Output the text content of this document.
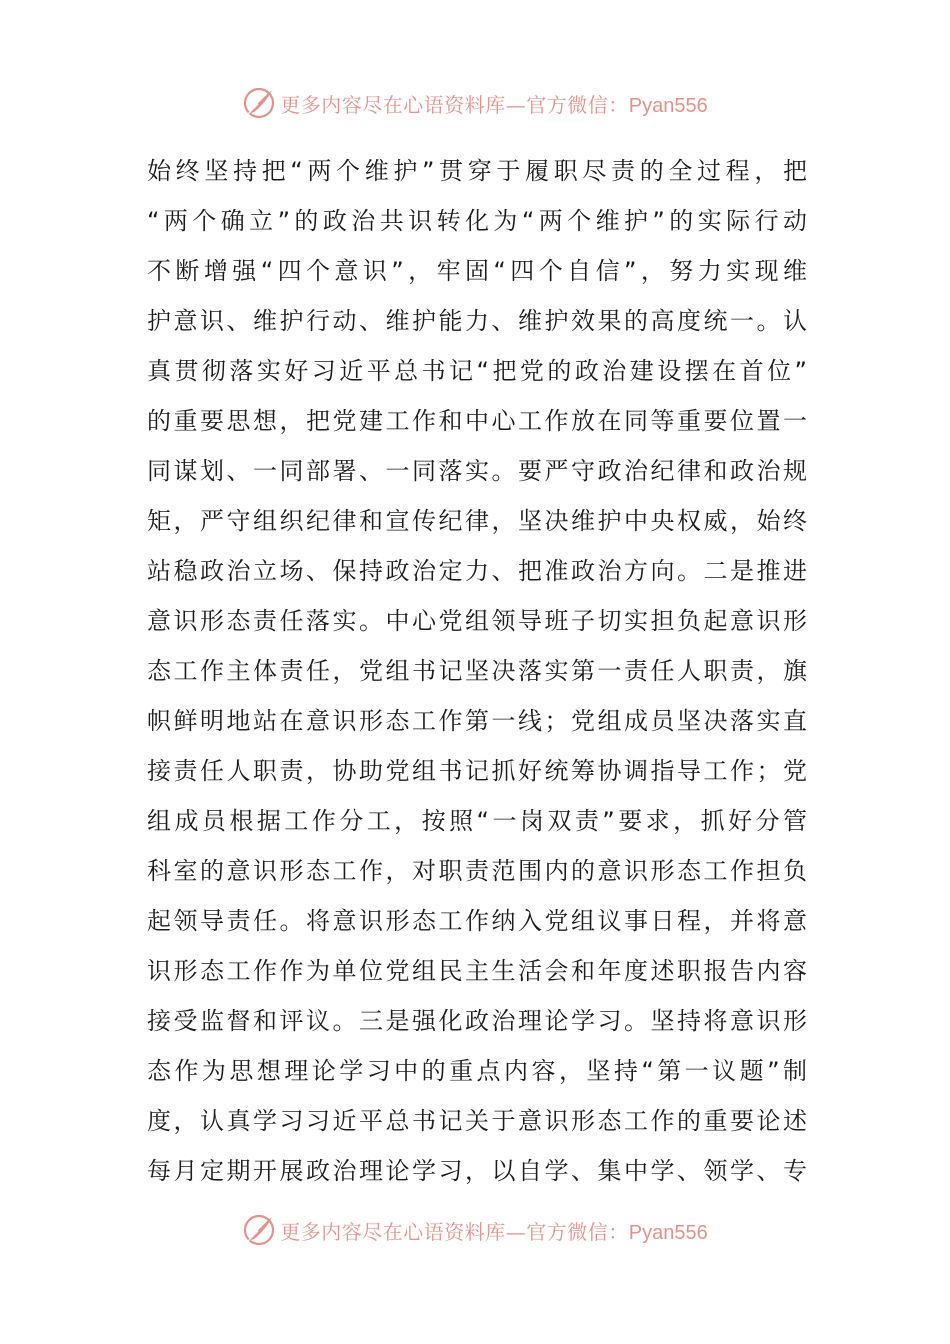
更多内容尽在心语资料库—官方微信：Pyan556
始终坚持把“两个维护”贯穿于履职尽责的全过程，把
“两个确立”的政治共识转化为“两个维护”的实际行动
不断增强“四个意识”，牢固“四个自信”，努力实现维
护意识、维护行动、维护能力、维护效果的高度统一。认
真贯彻落实好习近平总书记“把党的政治建设摆在首位”
的重要思想，把党建工作和中心工作放在同等重要位置一
同谋划、一同部署、一同落实。要严守政治纪律和政治规
矩，严守组织纪律和宣传纪律，坚决维护中央权威，始终
站稳政治立场、保持政治定力、把准政治方向。二是推进
意识形态责任落实。中心党组领导班子切实担负起意识形
态工作主体责任，党组书记坚决落实第一责任人职责，旗
帜鲜明地站在意识形态工作第一线；党组成员坚决落实直
接责任人职责，协助党组书记抓好统筹协调指导工作；党
组成员根据工作分工，按照“一岗双责”要求，抓好分管
科室的意识形态工作，对职责范围内的意识形态工作担负
起领导责任。将意识形态工作纳入党组议事日程，并将意
识形态工作作为单位党组民主生活会和年度述职报告内容
接受监督和评议。三是强化政治理论学习。坚持将意识形
态作为思想理论学习中的重点内容，坚持“第一议题”制
度，认真学习习近平总书记关于意识形态工作的重要论述
每月定期开展政治理论学习，以自学、集中学、领学、专
更多内容尽在心语资料库—官方微信：Pyan556
